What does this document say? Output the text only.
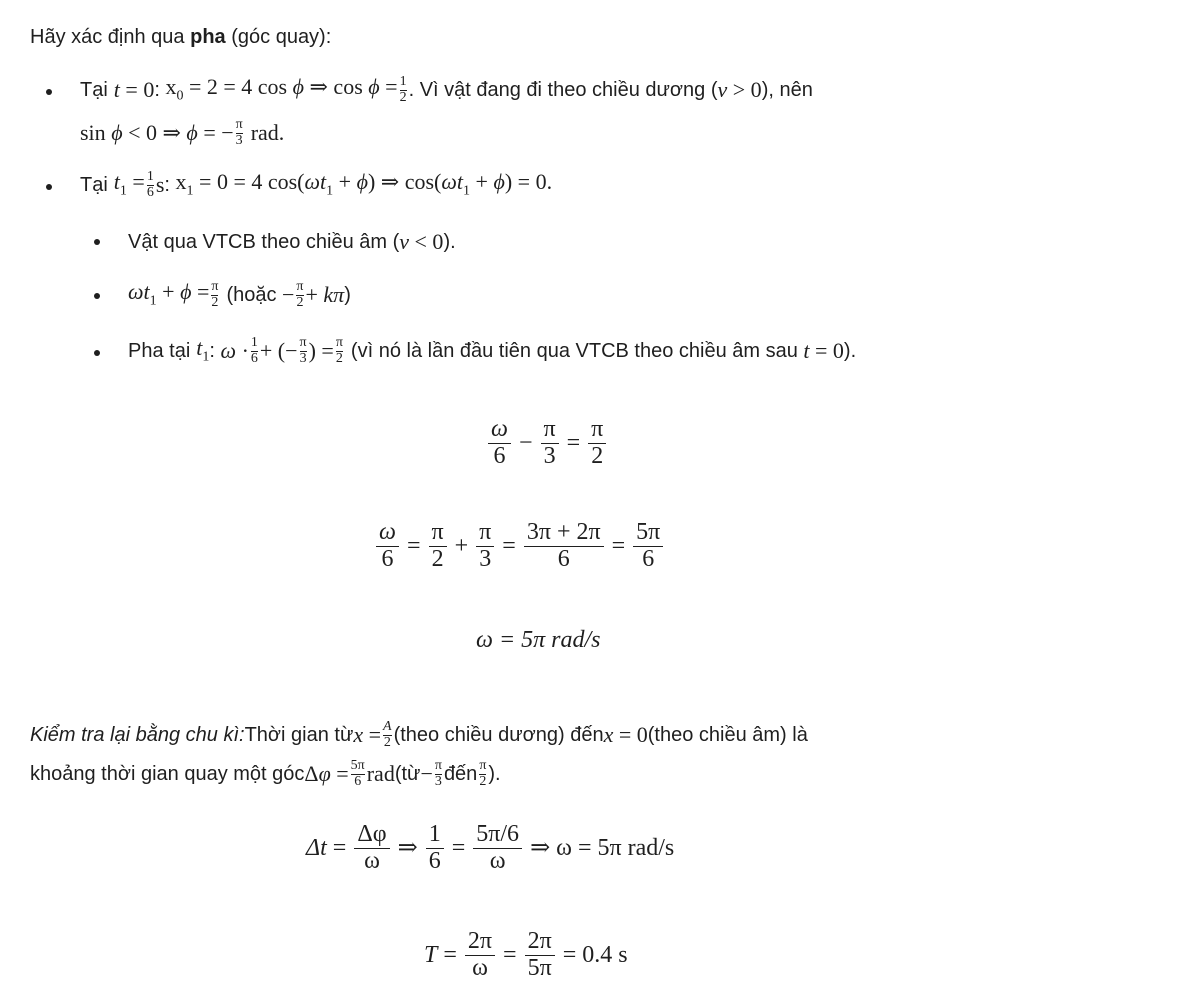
Hãy xác định qua pha (góc quay):
Tại t = 0 : $x_0 = 2 = 4$ cos ϕ ⇒ $\cos \phi = \frac{1}{2}$ . Vì vật đang đi theo chiều dương ( v > 0 ), nên
sin ϕ < 0 ⇒ ϕ = − $\frac{\pi}{3}$ rad.
Tại $t_1 = \frac{1}{6}$ s : $x_1 = 0 = 4$ $\cos(\omega t_1 + \phi)$ ⇒ $\cos(\omega t_1 + \phi) = 0$.
Vật qua VTCB theo chiều âm ( v < 0 ).
$\omega t_1 + \phi = \frac{\pi}{2}$ (hoặc − $\frac{\pi}{2} + k\pi$ )
Pha tại $t_1$ : $\omega \cdot \frac{1}{6}$ + (− $\frac{\pi}{3}$ ) = $\frac{\pi}{2}$ (vì nó là lần đầu tiên qua VTCB theo chiều âm sau t = 0 ).
$\frac{\omega}{6} - \frac{\pi}{3} = \frac{\pi}{2}$
$\frac{\omega}{6} = \frac{\pi}{2} + \frac{\pi}{3} = \frac{3\pi + 2\pi}{6} = \frac{5\pi}{6}$
ω = 5π rad/s
Kiểm tra lại bằng chu kì: Thời gian từ $x = \frac{A}{2}$ (theo chiều dương) đến x = 0 (theo chiều âm) là
khoảng thời gian quay một góc $\Delta\varphi = \frac{5\pi}{6}$ rad (từ − $\frac{\pi}{3}$ đến $\frac{\pi}{2}$ ).
$\Delta t = \frac{\Delta\varphi}{\omega}$ ⇒ $\frac{1}{6} = \frac{5\pi/6}{\omega}$
⇒ ω = 5π rad/s
$T = \frac{2\pi}{\omega} = \frac{2\pi}{5\pi}$
= 0.4 s
